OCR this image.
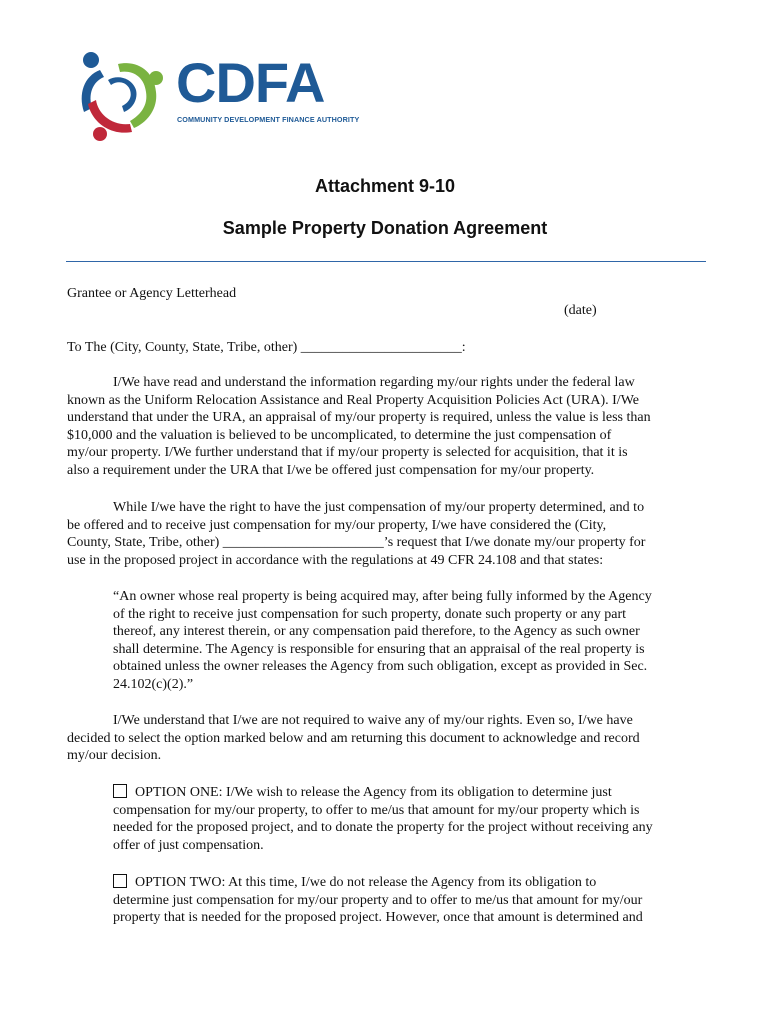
CDFA
COMMUNITY DEVELOPMENT FINANCE AUTHORITY
Attachment 9-10
Sample Property Donation Agreement
Grantee or Agency Letterhead
(date)
To The (City, County, State, Tribe, other) _______________________:
I/We have read and understand the information regarding my/our rights under the federal law
known as the Uniform Relocation Assistance and Real Property Acquisition Policies Act (URA). I/We
understand that under the URA, an appraisal of my/our property is required, unless the value is less than
$10,000 and the valuation is believed to be uncomplicated, to determine the just compensation of
my/our property. I/We further understand that if my/our property is selected for acquisition, that it is
also a requirement under the URA that I/we be offered just compensation for my/our property.
While I/we have the right to have the just compensation of my/our property determined, and to
be offered and to receive just compensation for my/our property, I/we have considered the (City,
County, State, Tribe, other) _______________________’s request that I/we donate my/our property for
use in the proposed project in accordance with the regulations at 49 CFR 24.108 and that states:
“An owner whose real property is being acquired may, after being fully informed by the Agency
of the right to receive just compensation for such property, donate such property or any part
thereof, any interest therein, or any compensation paid therefore, to the Agency as such owner
shall determine. The Agency is responsible for ensuring that an appraisal of the real property is
obtained unless the owner releases the Agency from such obligation, except as provided in Sec.
24.102(c)(2).”
I/We understand that I/we are not required to waive any of my/our rights. Even so, I/we have
decided to select the option marked below and am returning this document to acknowledge and record
my/our decision.
OPTION ONE: I/We wish to release the Agency from its obligation to determine just
compensation for my/our property, to offer to me/us that amount for my/our property which is
needed for the proposed project, and to donate the property for the project without receiving any
offer of just compensation.
OPTION TWO: At this time, I/we do not release the Agency from its obligation to
determine just compensation for my/our property and to offer to me/us that amount for my/our
property that is needed for the proposed project. However, once that amount is determined and
